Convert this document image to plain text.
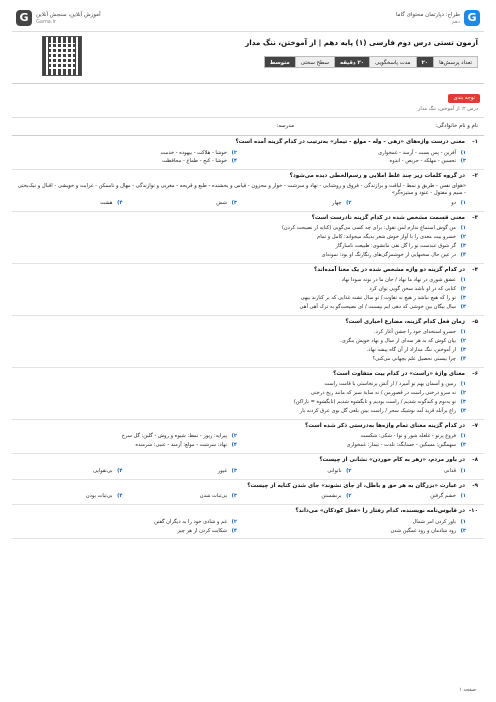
G
طراح: دپارتمان محتوای گاما
دهم
G	آموزش آنلاین، سنجش آنلاین
Gama.ir
آزمون تستی درس دوم فارسی (۱) پایه دهم | از آموختن، ننگ مدار
تعداد پرسش‌ها
۲۰
مدت پاسخگویی
۲۰ دقیقه
سطح سختی
متوسط
توجه بندی
درس ۲: از آموختن، ننگ مدار
نام و نام خانوادگی:
مدرسه:
۱-
معنی درست واژه‌های «زهی - وله - مولع - تیمار» به‌ترتیب در کدام گزینه آمده است؟
۱)
آفرین - پس بست - آزمند - غمخواری
۲)
خوشا - هلاکت - بیهوده - خدمت
۳)
تحسین - مهلکه - حریص - اندوه
۴)
خوشا - کنج - طماع - محافظت
۲-
در گروه کلمات زیر چند غلط املایی و رسم‌الخطی دیده می‌شود؟
«هوای نفس - طریق و نمط - لیاقت و برازندگی - فروق و روشنایی - نهاد و سرشت - خوار و محزون - قیاس و بخشنده - طبع و قریحه - مغربی و نوازندگی - مهال و ناممکن - غرابت و خویشی - اقبال و نیک‌بختی - سیم و مفتول - عنود و ستیزه‌گر»
۱)
دو
۲)
چهار
۳)
شش
۴)
هشت
۳-
معنی قسمت مشخص شده در کدام گزینه نادرست است؟
۱)
من گوش استماع ندارم لمن تقول: برای چه کسی می‌گویی (کنایه از نصیحت کردن)
۲)
خسرو بیت معدی را با آواز خوش شعر بدیگه میخواند: کامل و تمام
۳)
گر شوق عبدست تو را گل نفی مانشوی: طبیعت ناسازگار
۴)
در عین حال سخنهایی از خوشمزگی‌های رنگارنگ او بود: نمونه‌ای
۴-
در کدام گزینه دو واژه مشخص شده در یک معنا آمده‌اند؟
۱)
عشق شوری در نهاد ما نهاد / جان ما در بوته سودا نهاد
۲)
کتابی که در او باشد سخن گویی توان کرد
۳)
تو را که هیچ نباشد ز هیچ نه تفاوت / تو سال تشنه غذایی که بر کنارند بیهی
۴)
سال بیگان بین خوشی که دهی ایم بپسنت / ای نصیحت‌گو به ترک آهی آهی
۵-
زمان فعل کدام گزینه، مضارع اخباری است؟
۱)
خسرو استخدای خود را جشن آغاز کرد.
۲)
بیان کوش که به هر سه‌ای از سال و نهاد خویش بنگری.
۳)
از آموختن، ننگ مداراد از آن گاه پیشه نهاد.
۴)
چرا بیستی تحصیل علم بچهانی می‌کنی؟
۶-
معنای واژهٔ «راست» در کدام بیت متفاوت است؟
۱)
زمین و آسمان بهم تو آمیزد / از آتش برنخاستی با قامت راست
۲)
نه سرو درختی راست در قصورمن / نه سایهٔ سبز که مانند ریخ درختی
۳)
تو به‌نوم و کندگونه شدیم / راست بودیم و تابگشوه شدیم (تابگشوه = تاراکن)
۴)
زاغ برآنله قرید آمد نوشیک سحر / راست بیبن بلعی گل بوی عرق کردنه بار
۷-
در کدام گزینه معنای تمام واژه‌ها به‌درستی ذکر شده است؟
۱)
فروغ پرتو - غلغله شور و نوا - شکی: شکست
۲)
پیرایه: زیور - نمط: شیوه و روش - گلین: گل سرخ
۳)
سهمگین: مسکین - حسابگه: تلذت - تیمار: غمخواری
۴)
نهاد: سرشت - مولع: آزمند - عنبی: شرمنده
۸-
در باور مردم، «زهر به کام خوردن» نشانی از چیست؟
۱)
قدانی
۲)
ناتوانی
۳)
غیور
۴)
بی‌تقوایی
۹-
در عبارت «بزرگان به هر حق و باطل، از جای نشوند» جای شدن کنایه از چیست؟
۱)
خشم گرفتن
۲)
برنشستن
۳)
بی‌ثبات شدن
۴)
بی‌ثبات بودن
۱۰-
در قابوس‌نامه نویسنده، کدام رفتار را «فعل کودکان» می‌داند؟
۱)
باور کردن امر شمال
۲)
غم و شادی خود را به دیگران گفتن
۳)
زود شادمان و زود غمگین شدن
۴)
شکایت کردن از هر چیز
صفحه ۱
